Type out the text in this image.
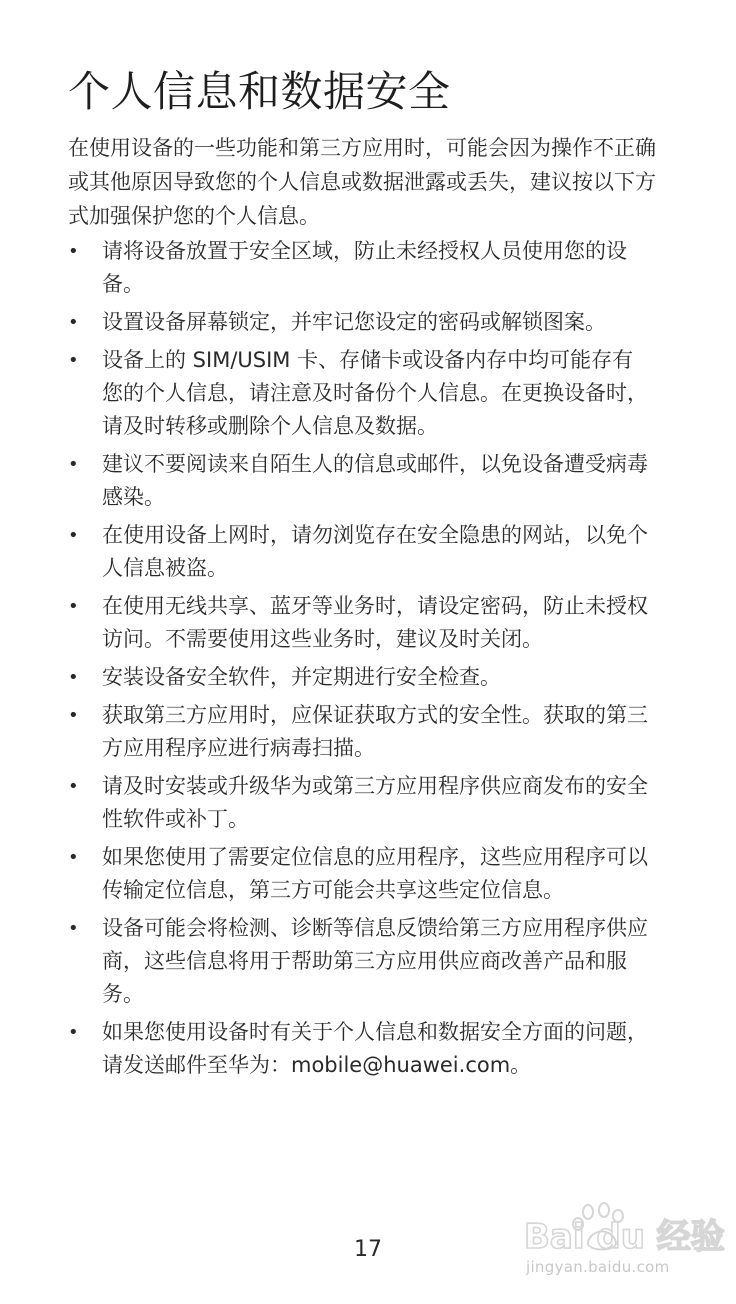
个人信息和数据安全

在使用设备的一些功能和第三方应用时，可能会因为操作不正确或其他原因导致您的个人信息或数据泄露或丢失，建议按以下方式加强保护您的个人信息。

• 请将设备放置于安全区域，防止未经授权人员使用您的设备。
• 设置设备屏幕锁定，并牢记您设定的密码或解锁图案。
• 设备上的 SIM/USIM 卡、存储卡或设备内存中均可能存有您的个人信息，请注意及时备份个人信息。在更换设备时，请及时转移或删除个人信息及数据。
• 建议不要阅读来自陌生人的信息或邮件，以免设备遭受病毒感染。
• 在使用设备上网时，请勿浏览存在安全隐患的网站，以免个人信息被盗。
• 在使用无线共享、蓝牙等业务时，请设定密码，防止未授权访问。不需要使用这些业务时，建议及时关闭。
• 安装设备安全软件，并定期进行安全检查。
• 获取第三方应用时，应保证获取方式的安全性。获取的第三方应用程序应进行病毒扫描。
• 请及时安装或升级华为或第三方应用程序供应商发布的安全性软件或补丁。
• 如果您使用了需要定位信息的应用程序，这些应用程序可以传输定位信息，第三方可能会共享这些定位信息。
• 设备可能会将检测、诊断等信息反馈给第三方应用程序供应商，这些信息将用于帮助第三方应用供应商改善产品和服务。
• 如果您使用设备时有关于个人信息和数据安全方面的问题，请发送邮件至华为：mobile@huawei.com。
17	Bai du 经验
jingyan.baidu.com
